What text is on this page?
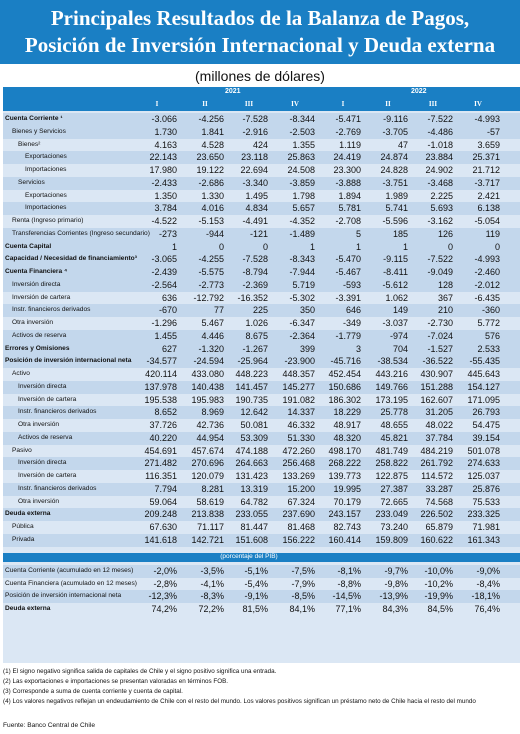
Principales Resultados de la Balanza de Pagos,
Posición de Inversión Internacional y Deuda externa
(millones de dólares)
2021	2022
I	II	III	IV	I	II	III	IV
(porcentaje del PIB)
Cuenta Corriente ¹	-3.066	-4.256	-7.528	-8.344	-5.471	-9.116	-7.522	-4.993
Bienes y Servicios	1.730	1.841	-2.916	-2.503	-2.769	-3.705	-4.486	-57
Bienes²	4.163	4.528	424	1.355	1.119	47	-1.018	3.659
Exportaciones	22.143	23.650	23.118	25.863	24.419	24.874	23.884	25.371
Importaciones	17.980	19.122	22.694	24.508	23.300	24.828	24.902	21.712
Servicios	-2.433	-2.686	-3.340	-3.859	-3.888	-3.751	-3.468	-3.717
Exportaciones	1.350	1.330	1.495	1.798	1.894	1.989	2.225	2.421
Importaciones	3.784	4.016	4.834	5.657	5.781	5.741	5.693	6.138
Renta (Ingreso primario)	-4.522	-5.153	-4.491	-4.352	-2.708	-5.596	-3.162	-5.054
Transferencias Corrientes (Ingreso secundario)	-273	-944	-121	-1.489	5	185	126	119
Cuenta Capital	1	0	0	1	1	1	0	0
Capacidad / Necesidad de financiamiento³	-3.065	-4.255	-7.528	-8.343	-5.470	-9.115	-7.522	-4.993
Cuenta Financiera ⁴	-2.439	-5.575	-8.794	-7.944	-5.467	-8.411	-9.049	-2.460
Inversión directa	-2.564	-2.773	-2.369	5.719	-593	-5.612	128	-2.012
Inversión de cartera	636	-12.792	-16.352	-5.302	-3.391	1.062	367	-6.435
Instr. financieros derivados	-670	77	225	350	646	149	210	-360
Otra inversión	-1.296	5.467	1.026	-6.347	-349	-3.037	-2.730	5.772
Activos de reserva	1.455	4.446	8.675	-2.364	-1.779	-974	-7.024	576
Errores y Omisiones	627	-1.320	-1.267	399	3	704	-1.527	2.533
Posición de inversión internacional neta	-34.577	-24.594	-25.964	-23.900	-45.716	-38.534	-36.522	-55.435
Activo	420.114	433.080	448.223	448.357	452.454	443.216	430.907	445.643
Inversión directa	137.978	140.438	141.457	145.277	150.686	149.766	151.288	154.127
Inversión de cartera	195.538	195.983	190.735	191.082	186.302	173.195	162.607	171.095
Instr. financieros derivados	8.652	8.969	12.642	14.337	18.229	25.778	31.205	26.793
Otra inversión	37.726	42.736	50.081	46.332	48.917	48.655	48.022	54.475
Activos de reserva	40.220	44.954	53.309	51.330	48.320	45.821	37.784	39.154
Pasivo	454.691	457.674	474.188	472.260	498.170	481.749	484.219	501.078
Inversión directa	271.482	270.696	264.663	256.468	268.222	258.822	261.792	274.633
Inversión de cartera	116.351	120.079	131.423	133.269	139.773	122.875	114.572	125.037
Instr. financieros derivados	7.794	8.281	13.319	15.200	19.995	27.387	33.287	25.876
Otra inversión	59.064	58.619	64.782	67.324	70.179	72.665	74.568	75.533
Deuda externa	209.248	213.838	233.055	237.690	243.157	233.049	226.502	233.325
Pública	67.630	71.117	81.447	81.468	82.743	73.240	65.879	71.981
Privada	141.618	142.721	151.608	156.222	160.414	159.809	160.622	161.343
Cuenta Corriente (acumulado en 12 meses)	-2,0%	-3,5%	-5,1%	-7,5%	-8,1%	-9,7%	-10,0%	-9,0%
Cuenta Financiera (acumulado en 12 meses)	-2,8%	-4,1%	-5,4%	-7,9%	-8,8%	-9,8%	-10,2%	-8,4%
Posición de inversión internacional neta	-12,3%	-8,3%	-9,1%	-8,5%	-14,5%	-13,9%	-19,9%	-18,1%
Deuda externa	74,2%	72,2%	81,5%	84,1%	77,1%	84,3%	84,5%	76,4%
(1) El signo negativo significa salida de capitales de Chile y el signo positivo significa una entrada.
(2) Las exportaciones e importaciones se presentan valoradas en términos FOB.
(3) Corresponde a suma de cuenta corriente y cuenta de capital.
(4) Los valores negativos reflejan un endeudamiento de Chile con el resto del mundo. Los valores positivos significan un préstamo neto de Chile hacia el resto del mundo
Fuente: Banco Central de Chile
